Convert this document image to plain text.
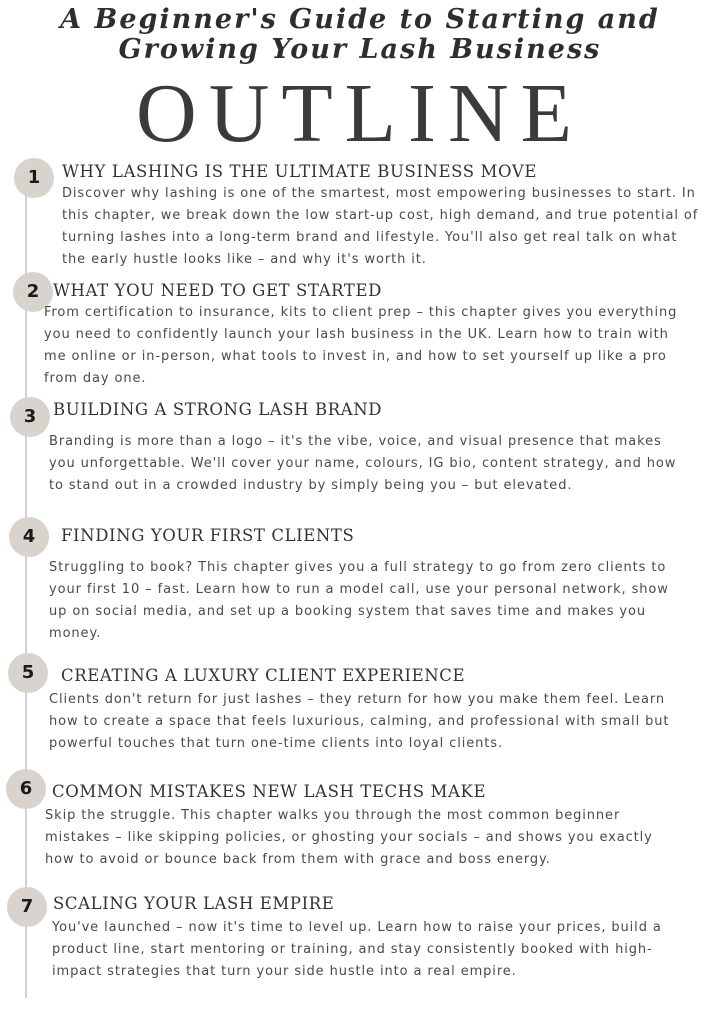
A Beginner's Guide to Starting and
Growing Your Lash Business
OUTLINE
1	WHY LASHING IS THE ULTIMATE BUSINESS MOVE

Discover why lashing is one of the smartest, most empowering businesses to start. In this chapter, we break down the low start-up cost, high demand, and true potential of turning lashes into a long-term brand and lifestyle. You'll also get real talk on what the early hustle looks like – and why it's worth it.

2 WHAT YOU NEED TO GET STARTED

From certification to insurance, kits to client prep – this chapter gives you everything you need to confidently launch your lash business in the UK. Learn how to train with me online or in-person, what tools to invest in, and how to set yourself up like a pro from day one.

3	BUILDING A STRONG LASH BRAND

Branding is more than a logo – it's the vibe, voice, and visual presence that makes you unforgettable. We'll cover your name, colours, IG bio, content strategy, and how to stand out in a crowded industry by simply being you – but elevated.

4	FINDING YOUR FIRST CLIENTS

Struggling to book? This chapter gives you a full strategy to go from zero clients to your first 10 – fast. Learn how to run a model call, use your personal network, show up on social media, and set up a booking system that saves time and makes you money.

5	CREATING A LUXURY CLIENT EXPERIENCE

Clients don't return for just lashes – they return for how you make them feel. Learn how to create a space that feels luxurious, calming, and professional with small but powerful touches that turn one-time clients into loyal clients.

6	COMMON MISTAKES NEW LASH TECHS MAKE

Skip the struggle. This chapter walks you through the most common beginner mistakes – like skipping policies, or ghosting your socials – and shows you exactly how to avoid or bounce back from them with grace and boss energy.

7	SCALING YOUR LASH EMPIRE

You've launched – now it's time to level up. Learn how to raise your prices, build a product line, start mentoring or training, and stay consistently booked with high-impact strategies that turn your side hustle into a real empire.
